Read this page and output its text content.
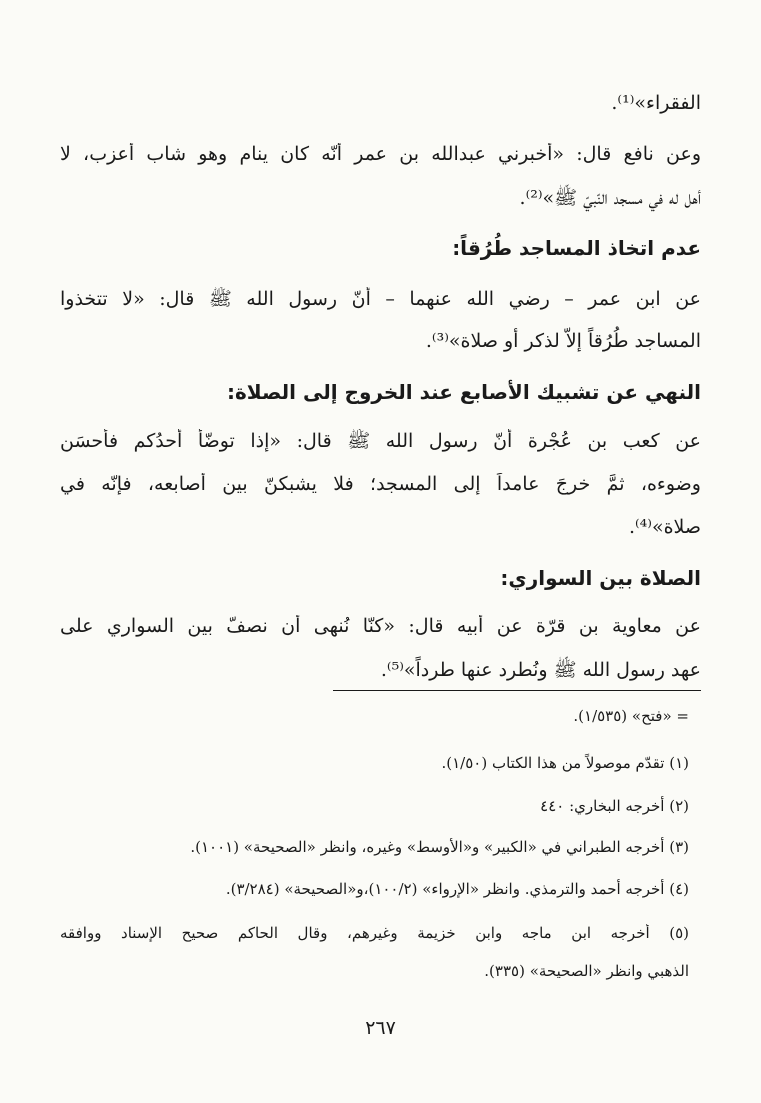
الفقراء»⁽¹⁾.
وعن نافع قال: «أخبرني عبدالله بن عمر أنّه كان ينام وهو شاب أعزب، لا
أهل له في مسجد النّبيّ ﷺ»⁽²⁾.
عدم اتخاذ المساجد طُرُقاً:
عن ابن عمر – رضي الله عنهما – أنّ رسول الله ﷺ قال: «لا تتخذوا
المساجد طُرُقاً إلاّ لذكر أو صلاة»⁽³⁾.
النهي عن تشبيك الأصابع عند الخروج إلى الصلاة:
عن كعب بن عُجْرة أنّ رسول الله ﷺ قال: «إذا توضّأ أحدُكم فأحسَن
وضوءه، ثمَّ خرجَ عامداً إلى المسجد؛ فلا يشبكنّ بين أصابعه، فإنّه في
صلاة»⁽⁴⁾.
الصلاة بين السواري:
عن معاوية بن قرّة عن أبيه قال: «كنّا نُنهى أن نصفّ بين السواري على
عهد رسول الله ﷺ ونُطرد عنها طرداً»⁽⁵⁾.
= «فتح» (١/٥٣٥).
(١) تقدّم موصولاً من هذا الكتاب (١/٥٠).
(٢) أخرجه البخاري: ٤٤٠
(٣) أخرجه الطبراني في «الكبير» و«الأوسط» وغيره، وانظر «الصحيحة» (١٠٠١).
(٤) أخرجه أحمد والترمذي. وانظر «الإرواء» (١٠٠/٢)،و«الصحيحة» (٣/٢٨٤).
(٥) أخرجه ابن ماجه وابن خزيمة وغيرهم، وقال الحاكم صحيح الإسناد ووافقه
الذهبي وانظر «الصحيحة» (٣٣٥).
٢٦٧
